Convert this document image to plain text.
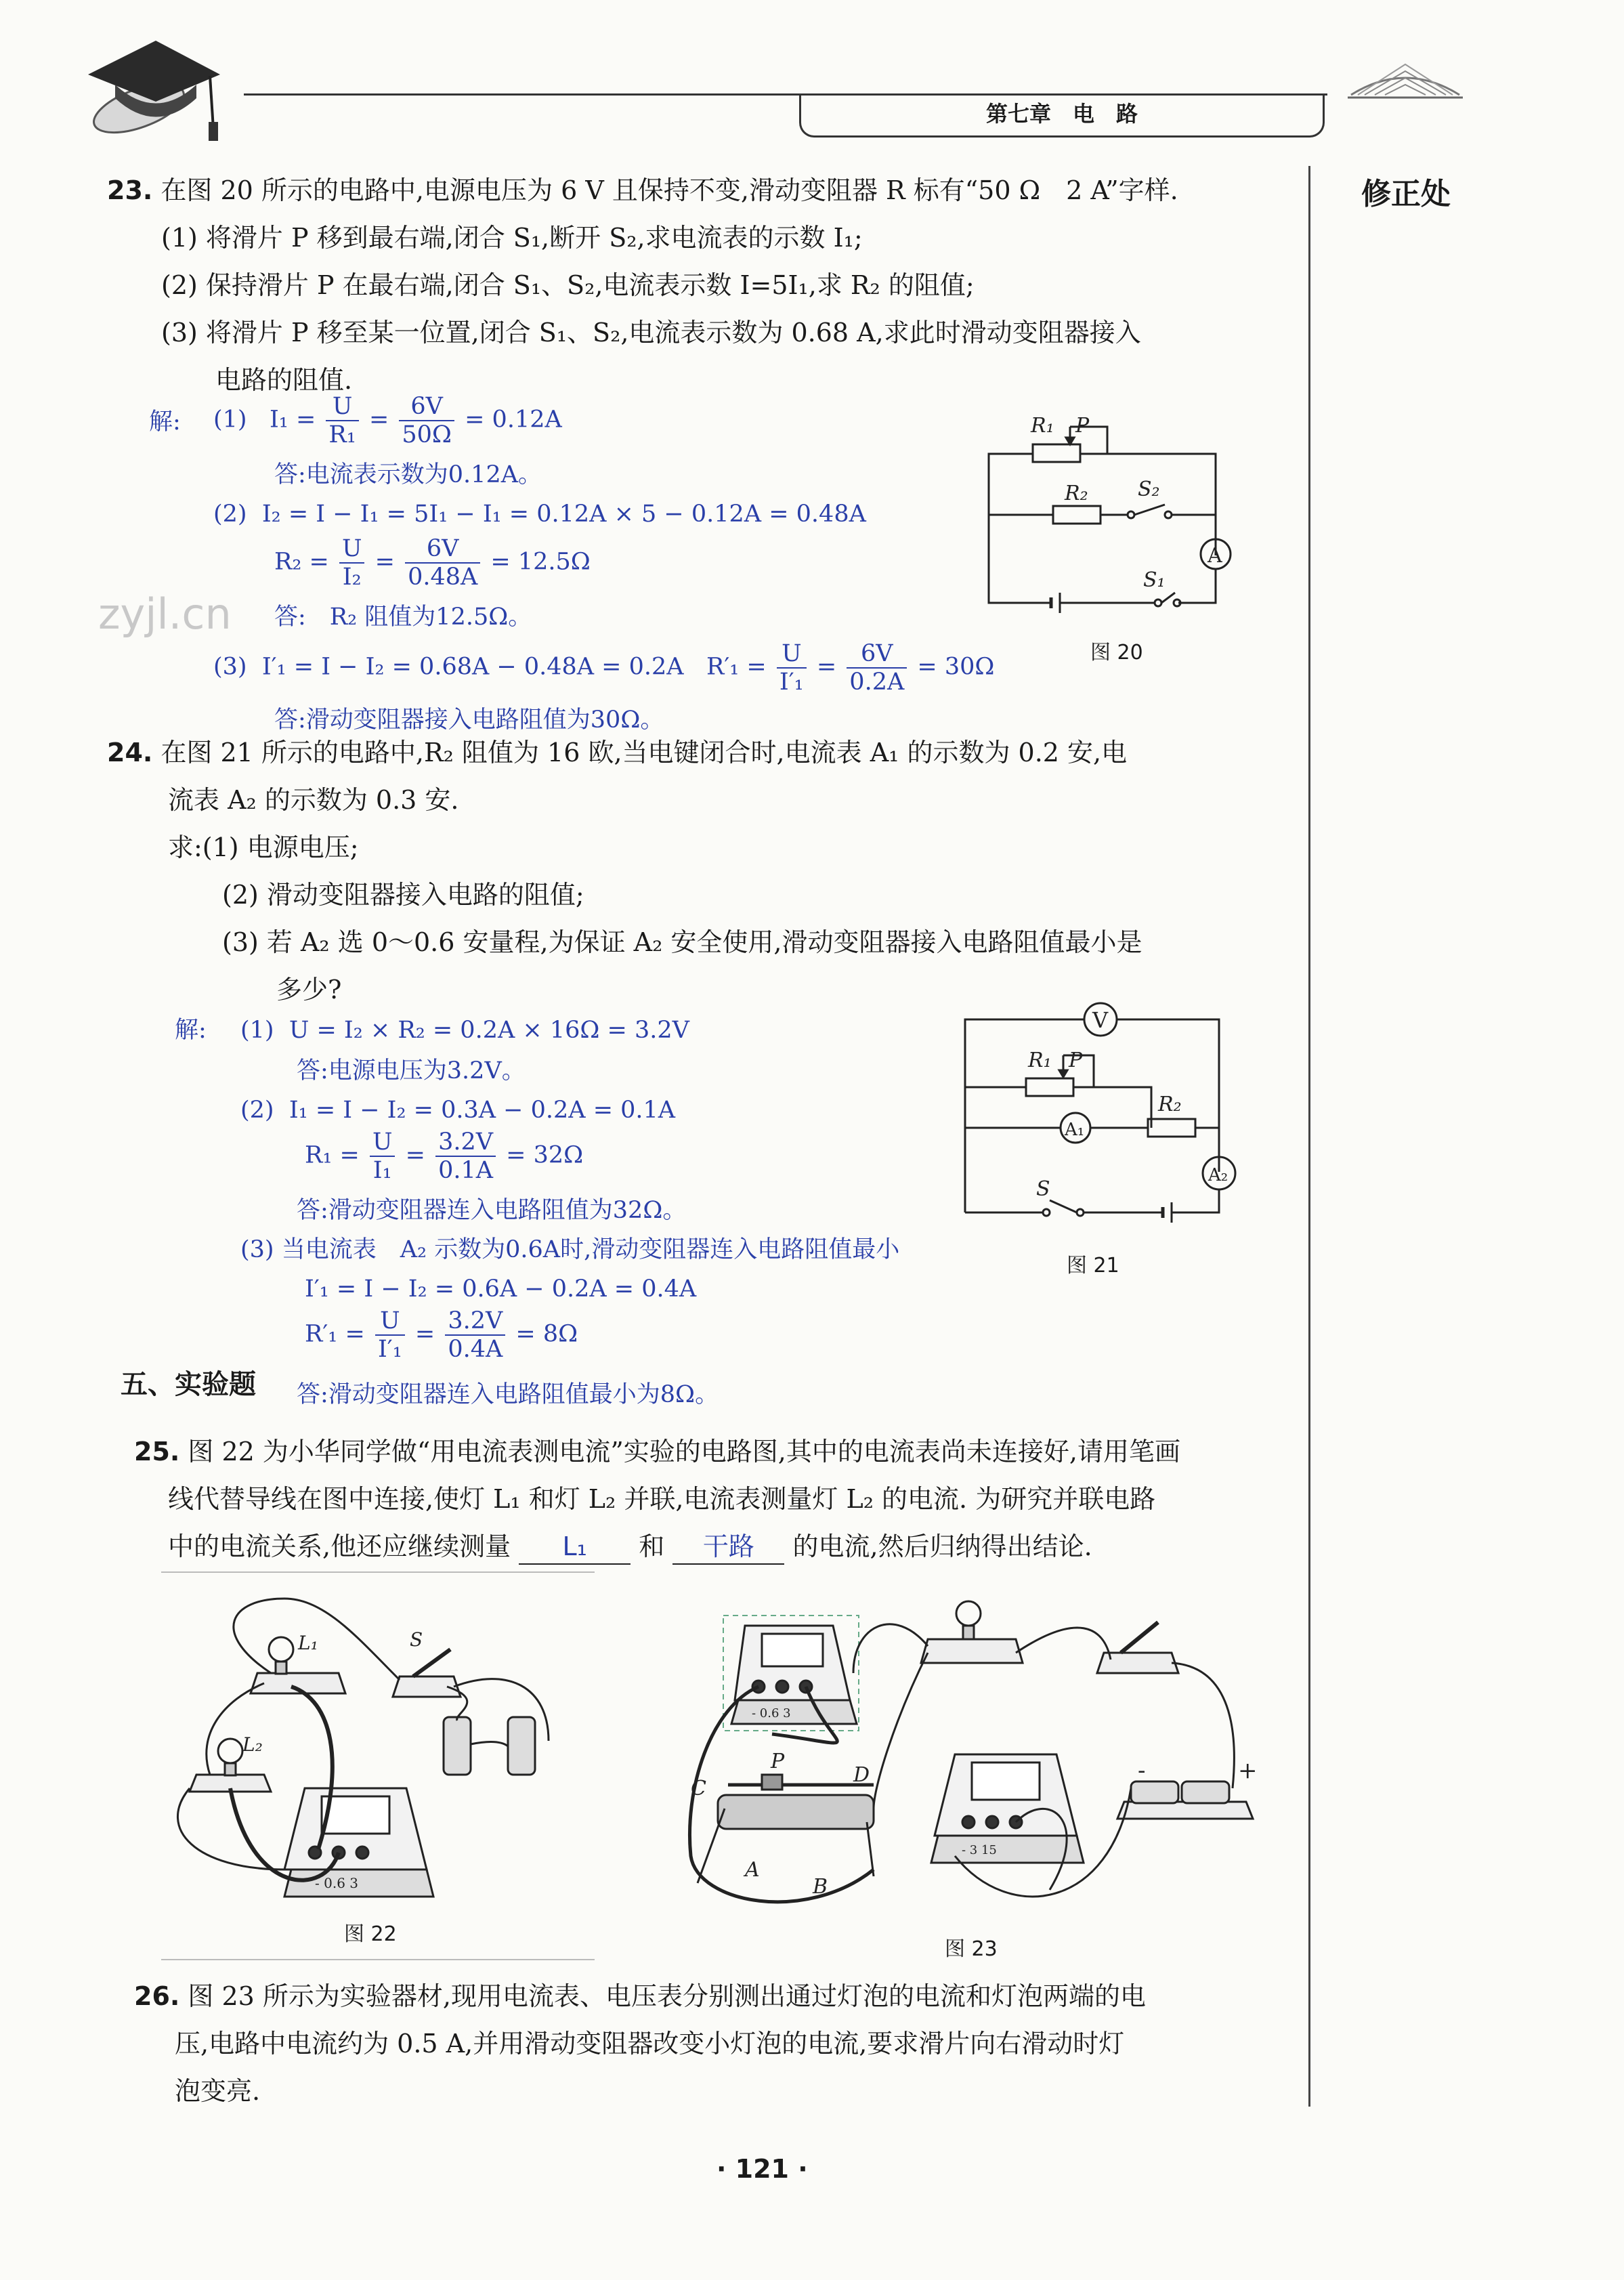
第七章　电　路
修正处
zyjl.cn
23. 在图 20 所示的电路中,电源电压为 6 V 且保持不变,滑动变阻器 R 标有“50 Ω　2 A”字样.
(1) 将滑片 P 移到最右端,闭合 S₁,断开 S₂,求电流表的示数 I₁;
(2) 保持滑片 P 在最右端,闭合 S₁、S₂,电流表示数 I=5I₁,求 R₂ 的阻值;
(3) 将滑片 P 移至某一位置,闭合 S₁、S₂,电流表示数为 0.68 A,求此时滑动变阻器接入
电路的阻值.
解: (1) $I_1 = \frac{U}{\text{R₁}} = \frac{6V}{50\Omega} = 0.12A$
答:电流表示数为0.12A。
(2) I₂ = I − I₁ = 5I₁ − I₁ = 0.12A × 5 − 0.12A = 0.48A
$R_2 = \frac{U}{\text{I₂}} = \frac{6V}{0.48A} = 12.5\Omega$
答:　R₂ 阻值为12.5Ω。
(3) I′₁ = I − I₂ = 0.68A − 0.48A = 0.2A $R'_1 = \frac{U}{\text{I′₁}} = \frac{6V}{0.2A} = 30\Omega$
答:滑动变阻器接入电路阻值为30Ω。
R₁ P
R₂ S₂
S₁
A
图 20
24. 在图 21 所示的电路中,R₂ 阻值为 16 欧,当电键闭合时,电流表 A₁ 的示数为 0.2 安,电
流表 A₂ 的示数为 0.3 安.
求:(1) 电源电压;
(2) 滑动变阻器接入电路的阻值;
(3) 若 A₂ 选 0～0.6 安量程,为保证 A₂ 安全使用,滑动变阻器接入电路阻值最小是
多少?
解: (1) U = I₂ × R₂ = 0.2A × 16Ω = 3.2V
答:电源电压为3.2V。
(2) I₁ = I − I₂ = 0.3A − 0.2A = 0.1A
$R_1 = \frac{U}{\text{I₁}} = \frac{3.2V}{0.1A} = 32\Omega$
答:滑动变阻器连入电路阻值为32Ω。
(3) 当电流表　A₂ 示数为0.6A时,滑动变阻器连入电路阻值最小
I′₁ = I − I₂ = 0.6A − 0.2A = 0.4A
$R'_1 = \frac{U}{\text{I′₁}} = \frac{3.2V}{0.4A} = 8\Omega$
V
R₁ P
A₁
R₂
A₂
S
图 21
五、实验题 答:滑动变阻器连入电路阻值最小为8Ω。
25. 图 22 为小华同学做“用电流表测电流”实验的电路图,其中的电流表尚未连接好,请用笔画
线代替导线在图中连接,使灯 L₁ 和灯 L₂ 并联,电流表测量灯 L₂ 的电流. 为研究并联电路
中的电流关系,他还应继续测量 L₁ 和 干路 的电流,然后归纳得出结论.
L₁
L₂
S
- 0.6 3
图 22
C
P
D
A
B
-	+
- 0.6 3
- 3 15
图 23
26. 图 23 所示为实验器材,现用电流表、电压表分别测出通过灯泡的电流和灯泡两端的电
压,电路中电流约为 0.5 A,并用滑动变阻器改变小灯泡的电流,要求滑片向右滑动时灯
泡变亮.
· 121 ·
